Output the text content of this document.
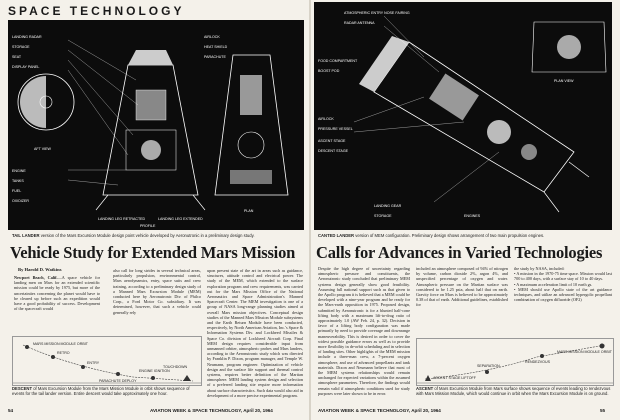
SPACE TECHNOLOGY
AFT VIEW
LANDING RADAR
STORAGE
SEAT
DISPLAY PANEL
AIRLOCK
ENGINE
TANKS
HEAT SHIELD
PARACHUTE
FUEL
OXIDIZER
LANDING LEG RETRACTED	LANDING LEG EXTENDED
PROFILE
PLAN
TAIL LANDER version of the Mars Excursion Module design point vehicle developed by Aeronutronic in a preliminary design study.
Vehicle Study for Extended Mars Mission
By Harold D. Watkins
Newport Beach, Calif.—A space vehicle for landing men on Mars for an extended scientific mission could be ready by 1975, but more of the uncertainties concerning the planet would have to be cleared up before such an expedition would have a good probability of success. Development of the spacecraft would
also call for long strides in several technical areas, particularly propulsion, environmental control, Mars aerodynamics, entry, space suits and crew training, according to a preliminary design study of a Manned Mars Excursion Module (MEM) conducted here by Aeronutronic Div. of Philco Corp., a Ford Motor Co. subsidiary. It was determined, however, that such a vehicle could generally rely
upon present state of the art in areas such as guidance, structures, attitude control and electrical power. The study of the MEM, which extended to the surface exploration program and crew requirements, was carried out for the Mars Mission Office of the National Aeronautics and Space Administration's Manned Spacecraft Center. The MEM investigation is one of a group of NASA long-range planning studies aimed at overall Mars mission objectives. Conceptual design studies of the Manned Mars Mission Module subsystems and the Earth Return Module have been conducted, respectively, by North American Aviation, Inc.'s Space & Information Systems Div. and Lockheed Missiles & Space Co. division of Lockheed Aircraft Corp. Final MEM design requires considerable input from unmanned orbiter, atmospheric probes and Mars landers, according to the Aeronutronic study which was directed by Franklin P. Dixon, program manager, and Temple W. Neumann, program engineer. Optimization of vehicle design and the surface life support and thermal control systems, requires better definition of the Martian atmosphere. MEM landing system design and selection of a preferred landing site require more information about surface characteristics. Such data would also aid in development of a more precise experimental program.
MARS MISSION MODULE ORBIT
RETRO
ENTRY
PARACHUTE DEPLOY
ENGINE IGNITION
TOUCHDOWN
DESCENT of Mars Excursion Module from the Mars Mission Module in orbit shows sequence of events for the tail lander version. Entire descent would take approximately one hour.
54	AVIATION WEEK & SPACE TECHNOLOGY, April 20, 1964
ATMOSPHERIC ENTRY NOSE FAIRING
RADAR ANTENNA
FOOD COMPARTMENT
BOOST POD
AIRLOCK
PRESSURE VESSEL
ASCENT STAGE
DESCENT STAGE
LANDING GEAR
STORAGE	ENGINES
PLAN VIEW
CANTED LANDER version of MEM configuration. Preliminary design shows arrangement of two main propulsion engines.
Calls for Advances in Varied Technologies
Despite the high degree of uncertainty regarding atmospheric pressure and constituents, the Aeronutronic study concluded that preliminary MEM systems design generally show good feasibility. Assuming full national support such as that given to the Apollo program it is believed that a MEM could be developed with a nine-year program and be ready for the Mars-earth opposition in 1975. Proposed design, submitted by Aeronutronic is for a blunted half-cone lifting body with a maximum lift-to-drag ratio of approximately 1.0 (AW Feb. 24, p. 32). Decision in favor of a lifting body configuration was made primarily by need to provide coverage and downrange maneuverability. This is desired in order to cover the widest possible guidance errors as well as to provide more flexibility in de-orbit scheduling and in selection of landing sites. Other highlights of the MEM mission include a three-man crew, a 7-percent oxygen atmosphere, and use of advanced propellants and tank materials. Dixon and Neumann believe that most of the MEM systems relationships would remain unchanged for expected variations within the assumed atmosphere parameters. Therefore, the findings would remain valid if atmospheric conditions used for study purposes were later shown to be in error.
included an atmosphere composed of 94% of nitrogen by volume, carbon dioxide 2%, argon 4%, and unspecified percentage of oxygen and water. Atmospheric pressure on the Martian surface was considered to be 1.25 psia, about half that on earth. Gravity force on Mars is believed to be approximately 0.38 of that of earth. Additional guidelines, established for
the study by NASA, included:
• A mission in the 1970-75 time space. Mission would last 700 to 400 days, with a surface stay of 10 to 40 days.
• A maximum acceleration limit of 10 earth gs.
• MEM should use Apollo state of the art guidance techniques, and utilize an advanced hypergolic propellant combination of oxygen difluoride (OF2)
MARS MISSION MODULE ORBIT
SEPARATION
ASCENT STAGE LIFTOFF
RENDEZVOUS
ASCENT of Mars Excursion Module from Mars surface shows sequence of events leading to rendezvous with Mars Mission Module, which would continue in orbit when the Mars Excursion Module is on ground.
AVIATION WEEK & SPACE TECHNOLOGY, April 20, 1964	55
